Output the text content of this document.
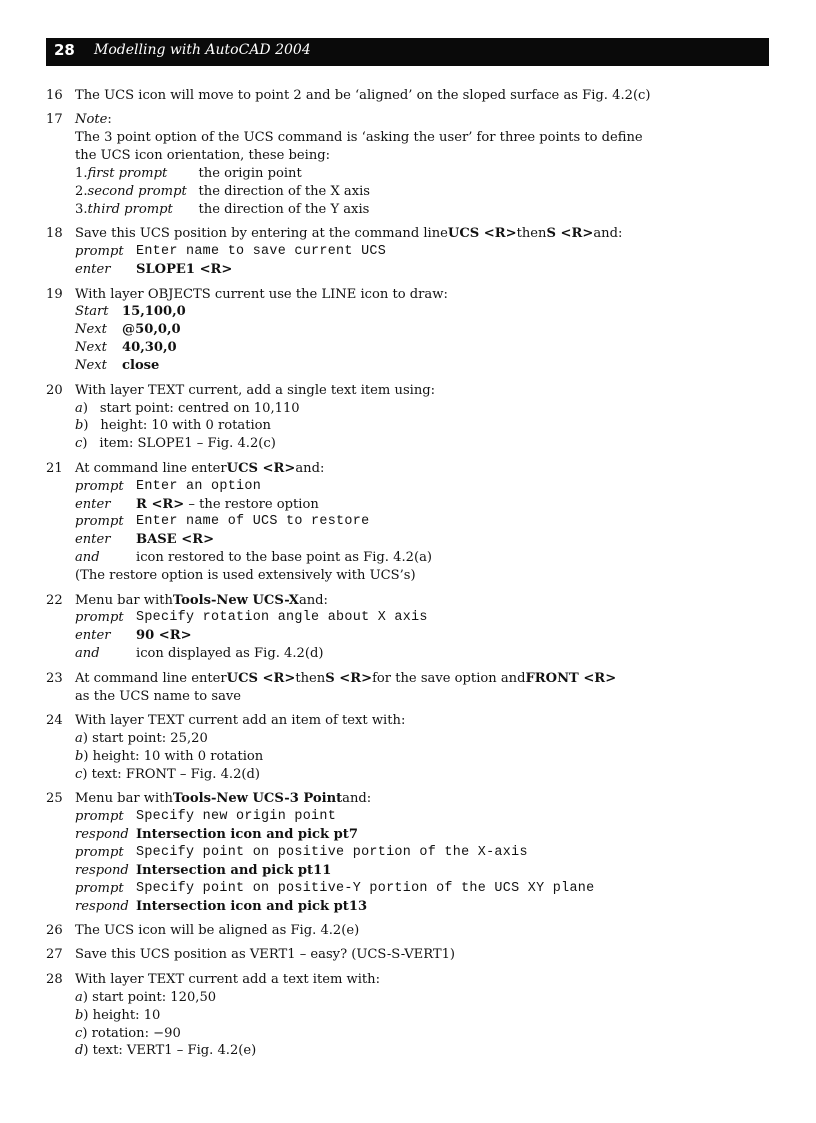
28 Modelling with AutoCAD 2004
16 The UCS icon will move to point 2 and be ‘aligned’ on the sloped surface as Fig. 4.2(c)
17 Note :
The 3 point option of the UCS command is ‘asking the user’ for three points to define
the UCS icon orientation, these being:
1. first prompt	the origin point
2. second prompt the direction of the X axis
3. third prompt	the direction of the Y axis
18 Save this UCS position by entering at the command line UCS <R> then S <R> and:
prompt Enter name to save current UCS
enter	SLOPE1 <R>
19 With layer OBJECTS current use the LINE icon to draw:
Start	15,100,0
Next	@50,0,0
Next	40,30,0
Next	close
20 With layer TEXT current, add a single text item using:
a ) start point: centred on 10,110
b ) height: 10 with 0 rotation
c ) item: SLOPE1 – Fig. 4.2(c)
21 At command line enter UCS <R> and:
prompt Enter an option
enter	R <R> – the restore option
prompt Enter name of UCS to restore
enter	BASE <R>
and	icon restored to the base point as Fig. 4.2(a)
(The restore option is used extensively with UCS’s)
22 Menu bar with Tools-New UCS-X and:
prompt Specify rotation angle about X axis
enter	90 <R>
and	icon displayed as Fig. 4.2(d)
23 At command line enter UCS <R> then S <R> for the save option and FRONT <R>
as the UCS name to save
24 With layer TEXT current add an item of text with:
a ) start point: 25,20
b ) height: 10 with 0 rotation
c ) text: FRONT – Fig. 4.2(d)
25 Menu bar with Tools-New UCS-3 Point and:
prompt Specify new origin point
respond Intersection icon and pick pt7
prompt Specify point on positive portion of the X-axis
respond Intersection and pick pt11
prompt Specify point on positive-Y portion of the UCS XY plane
respond Intersection icon and pick pt13
26 The UCS icon will be aligned as Fig. 4.2(e)
27 Save this UCS position as VERT1 – easy? (UCS-S-VERT1)
28 With layer TEXT current add a text item with:
a ) start point: 120,50
b ) height: 10
c ) rotation: −90
d ) text: VERT1 – Fig. 4.2(e)
